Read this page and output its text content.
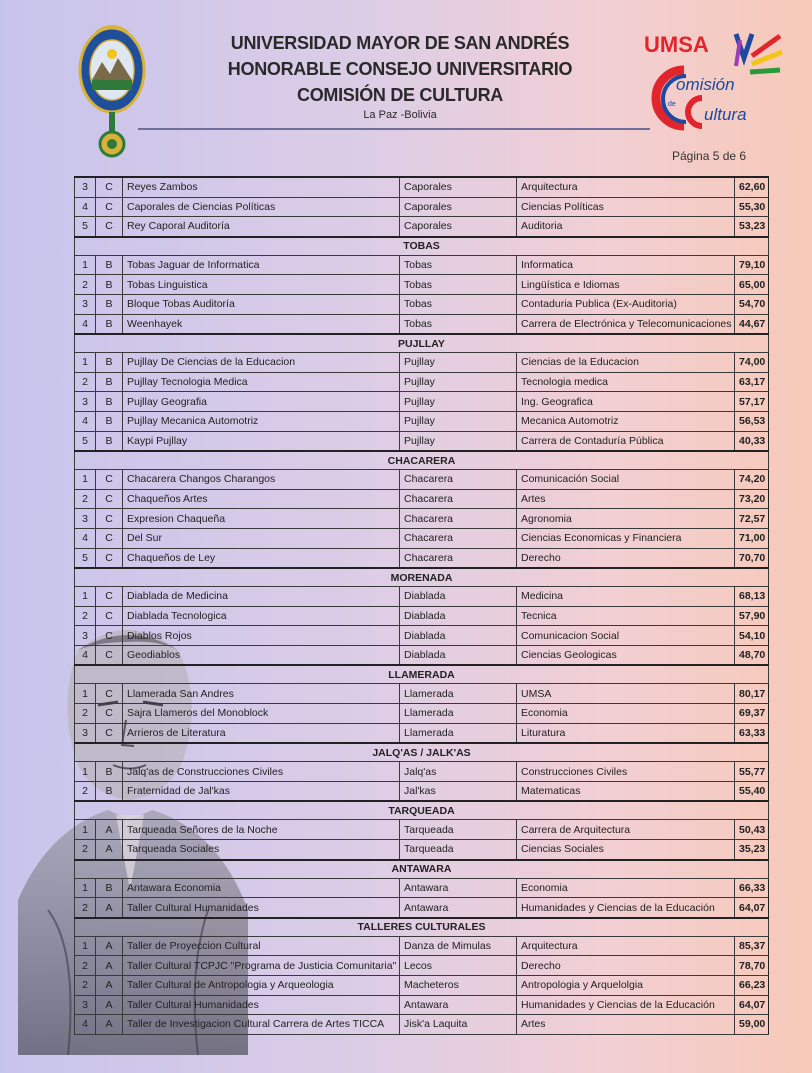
UNIVERSIDAD MAYOR DE SAN ANDRÉS
HONORABLE CONSEJO UNIVERSITARIO
COMISIÓN DE CULTURA
La Paz -Bolivia
UMSA
omisión
de
ultura
Página 5 de 6
3	C	Reyes Zambos	Caporales	Arquitectura	62,60
4	C	Caporales de Ciencias Políticas	Caporales	Ciencias Políticas	55,30
5	C	Rey Caporal Auditoría	Caporales	Auditoria	53,23
TOBAS					
1	B	Tobas Jaguar de Informatica	Tobas	Informatica	79,10
2	B	Tobas Linguistica	Tobas	Lingüística e Idiomas	65,00
3	B	Bloque Tobas Auditoría	Tobas	Contaduria Publica (Ex-Auditoria)	54,70
4	B	Weenhayek	Tobas	Carrera de Electrónica y Telecomunicaciones	44,67
PUJLLAY					
1	B	Pujllay De Ciencias de la Educacion	Pujllay	Ciencias de la Educacion	74,00
2	B	Pujllay Tecnologia Medica	Pujllay	Tecnologia medica	63,17
3	B	Pujllay Geografia	Pujllay	Ing. Geografica	57,17
4	B	Pujllay Mecanica Automotriz	Pujllay	Mecanica Automotriz	56,53
5	B	Kaypi Pujllay	Pujllay	Carrera de Contaduría Pública	40,33
CHACARERA					
1	C	Chacarera Changos Charangos	Chacarera	Comunicación Social	74,20
2	C	Chaqueños Artes	Chacarera	Artes	73,20
3	C	Expresion Chaqueña	Chacarera	Agronomia	72,57
4	C	Del Sur	Chacarera	Ciencias Economicas y Financiera	71,00
5	C	Chaqueños de Ley	Chacarera	Derecho	70,70
MORENADA					
1	C	Diablada de Medicina	Diablada	Medicina	68,13
2	C	Diablada Tecnologica	Diablada	Tecnica	57,90
3	C	Diablos Rojos	Diablada	Comunicacion Social	54,10
4	C	Geodiablos	Diablada	Ciencias Geologicas	48,70
LLAMERADA					
1	C	Llamerada San Andres	Llamerada	UMSA	80,17
2	C	Sajra Llameros del Monoblock	Llamerada	Economia	69,37
3	C	Arrieros de Literatura	Llamerada	Lituratura	63,33
JALQ'AS / JALK'AS					
1	B	Jalq'as de Construcciones Civiles	Jalq'as	Construcciones Civiles	55,77
2	B	Fraternidad de Jal'kas	Jal'kas	Matematicas	55,40
TARQUEADA					
1	A	Tarqueada Señores de la Noche	Tarqueada	Carrera de Arquitectura	50,43
2	A	Tarqueada Sociales	Tarqueada	Ciencias Sociales	35,23
ANTAWARA					
1	B	Antawara Economia	Antawara	Economia	66,33
2	A	Taller Cultural Humanidades	Antawara	Humanidades y Ciencias de la Educación	64,07
TALLERES CULTURALES					
1	A	Taller de Proyeccion Cultural	Danza de Mimulas	Arquitectura	85,37
2	A	Taller Cultural TCPJC "Programa de Justicia Comunitaria"	Lecos	Derecho	78,70
2	A	Taller Cultural de Antropologia y Arqueologia	Macheteros	Antropologia y Arquelolgia	66,23
3	A	Taller Cultural Humanidades	Antawara	Humanidades y Ciencias de la Educación	64,07
4	A	Taller de Investigacion Cultural Carrera de Artes TICCA	Jisk'a Laquita	Artes	59,00
